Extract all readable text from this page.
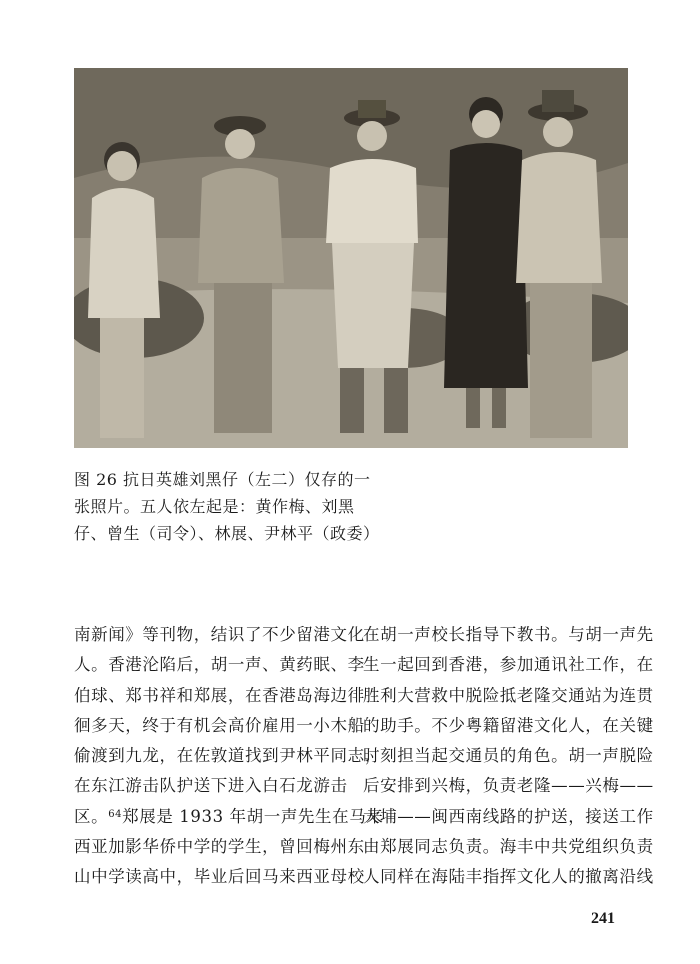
图 26 抗日英雄刘黑仔（左二）仅存的一张照片。五人依左起是：黄作梅、刘黑仔、曾生（司令）、林展、尹林平（政委）
南新闻》等刊物，结识了不少留港文化
人。香港沦陷后，胡一声、黄药眠、李
伯球、郑书祥和郑展，在香港岛海边徘
徊多天，终于有机会高价雇用一小木船
偷渡到九龙，在佐敦道找到尹林平同志，
在东江游击队护送下进入白石龙游击
区。$^{64}$郑展是 1933 年胡一声先生在马来
西亚加影华侨中学的学生，曾回梅州东
山中学读高中，毕业后回马来西亚母校
在胡一声校长指导下教书。与胡一声先
生一起回到香港，参加通讯社工作，在
胜利大营救中脱险抵老隆交通站为连贯
的助手。不少粤籍留港文化人，在关键
时刻担当起交通员的角色。胡一声脱险
后安排到兴梅，负责老隆——兴梅——
大埔——闽西南线路的护送，接送工作
由郑展同志负责。海丰中共党组织负责
人同样在海陆丰指挥文化人的撤离沿线
241
